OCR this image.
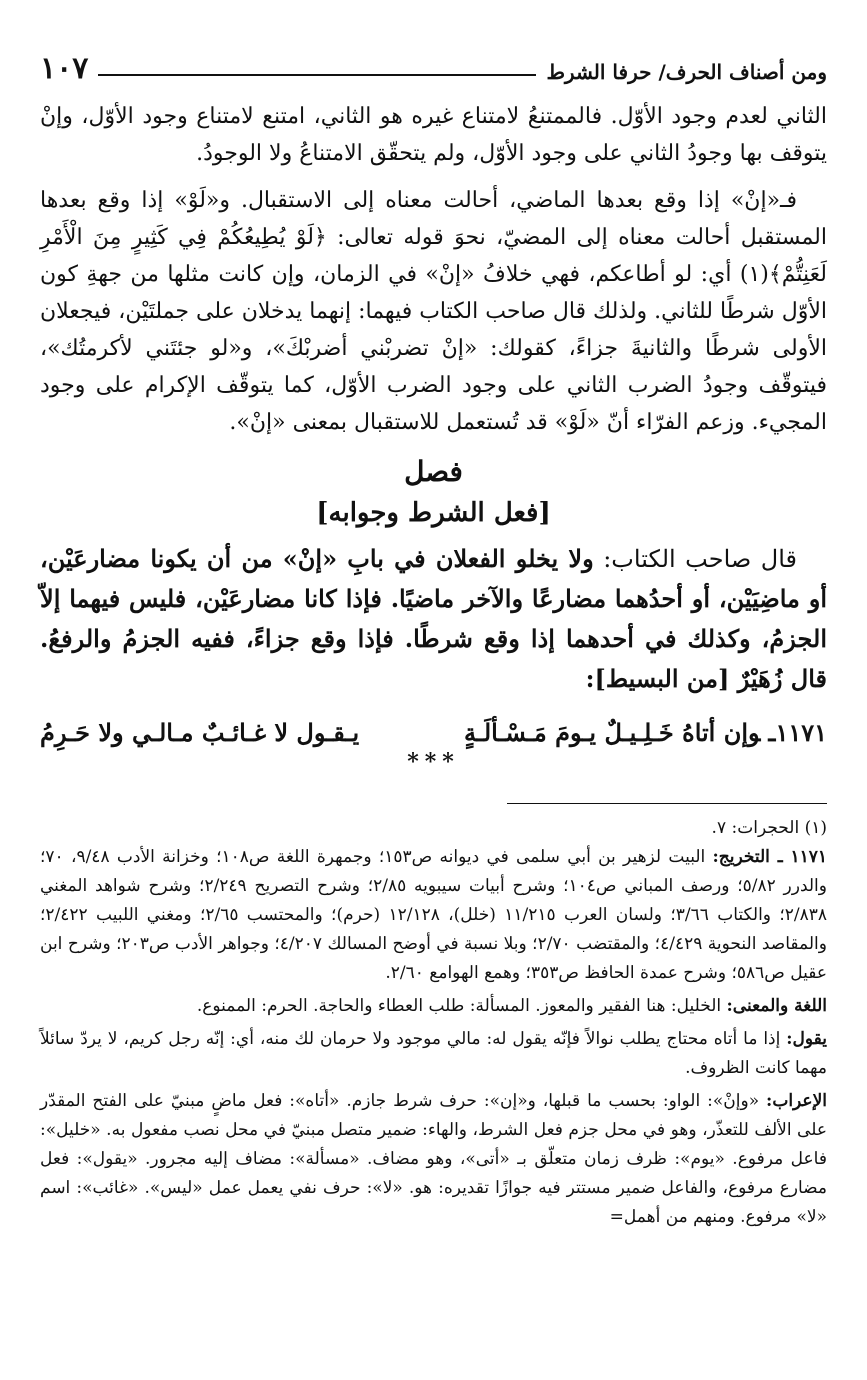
ومن أصناف الحرف/ حرفا الشرط
١٠٧

الثاني لعدم وجود الأوّل. فالممتنعُ لامتناع غيره هو الثاني، امتنع لامتناع وجود الأوّل، وإنْ يتوقف بها وجودُ الثاني على وجود الأوّل، ولم يتحقّق الامتناعُ ولا الوجودُ.

فـ«إنْ» إذا وقع بعدها الماضي، أحالت معناه إلى الاستقبال. و«لَوْ» إذا وقع بعدها المستقبل أحالت معناه إلى المضيّ، نحوَ قوله تعالى: ﴿لَوْ يُطِيعُكُمْ فِي كَثِيرٍ مِنَ الْأَمْرِ لَعَنِتُّمْ﴾(١) أي: لو أطاعكم، فهي خلافُ «إنْ» في الزمان، وإن كانت مثلها من جهةِ كون الأوّل شرطًا للثاني. ولذلك قال صاحب الكتاب فيهما: إنهما يدخلان على جملتَيْن، فيجعلان الأولى شرطًا والثانيةَ جزاءً، كقولك: «إنْ تضربْني أضربْكَ»، و«لو جئتَني لأكرمتُك»، فيتوقّف وجودُ الضرب الثاني على وجود الضرب الأوّل، كما يتوقّف الإكرام على وجود المجيء. وزعم الفرّاء أنّ «لَوْ» قد تُستعمل للاستقبال بمعنى «إنْ».

فصل
[فعل الشرط وجوابه]

قال صاحب الكتاب: ولا يخلو الفعلان في بابِ «إنْ» من أن يكونا مضارعَيْن، أو ماضِيَيْن، أو أحدُهما مضارعًا والآخر ماضيًا. فإذا كانا مضارعَيْن، فليس فيهما إلاّ الجزمُ، وكذلك في أحدهما إذا وقع شرطًا. فإذا وقع جزاءً، ففيه الجزمُ والرفعُ. قال زُهَيْرٌ [من البسيط]:

١١٧١ـوإن أتاهُ خَـلِـيـلٌ يـومَ مَـسْـألَـةٍ
يـقـول لا غـائـبٌ مـالـي ولا حَـرِمُ
***

(١) الحجرات: ٧.

١١٧١ ـ التخريج: البيت لزهير بن أبي سلمى في ديوانه ص١٥٣؛ وجمهرة اللغة ص١٠٨؛ وخزانة الأدب ٩/٤٨، ٧٠؛ والدرر ٥/٨٢؛ ورصف المباني ص١٠٤؛ وشرح أبيات سيبويه ٢/٨٥؛ وشرح التصريح ٢/٢٤٩؛ وشرح شواهد المغني ٢/٨٣٨؛ والكتاب ٣/٦٦؛ ولسان العرب ١١/٢١٥ (خلل)، ١٢/١٢٨ (حرم)؛ والمحتسب ٢/٦٥؛ ومغني اللبيب ٢/٤٢٢؛ والمقاصد النحوية ٤/٤٢٩؛ والمقتضب ٢/٧٠؛ وبلا نسبة في أوضح المسالك ٤/٢٠٧؛ وجواهر الأدب ص٢٠٣؛ وشرح ابن عقيل ص٥٨٦؛ وشرح عمدة الحافظ ص٣٥٣؛ وهمع الهوامع ٢/٦٠.

اللغة والمعنى: الخليل: هنا الفقير والمعوز. المسألة: طلب العطاء والحاجة. الحرم: الممنوع.

يقول: إذا ما أتاه محتاج يطلب نوالاً فإنّه يقول له: مالي موجود ولا حرمان لك منه، أي: إنّه رجل كريم، لا يردّ سائلاً مهما كانت الظروف.

الإعراب: «وإنْ»: الواو: بحسب ما قبلها، و«إن»: حرف شرط جازم. «أتاه»: فعل ماضٍ مبنيّ على الفتح المقدّر على الألف للتعذّر، وهو في محل جزم فعل الشرط، والهاء: ضمير متصل مبنيّ في محل نصب مفعول به. «خليل»: فاعل مرفوع. «يوم»: ظرف زمان متعلّق بـ «أتى»، وهو مضاف. «مسألة»: مضاف إليه مجرور. «يقول»: فعل مضارع مرفوع، والفاعل ضمير مستتر فيه جوازًا تقديره: هو. «لا»: حرف نفي يعمل عمل «ليس». «غائب»: اسم «لا» مرفوع. ومنهم من أهمل=
